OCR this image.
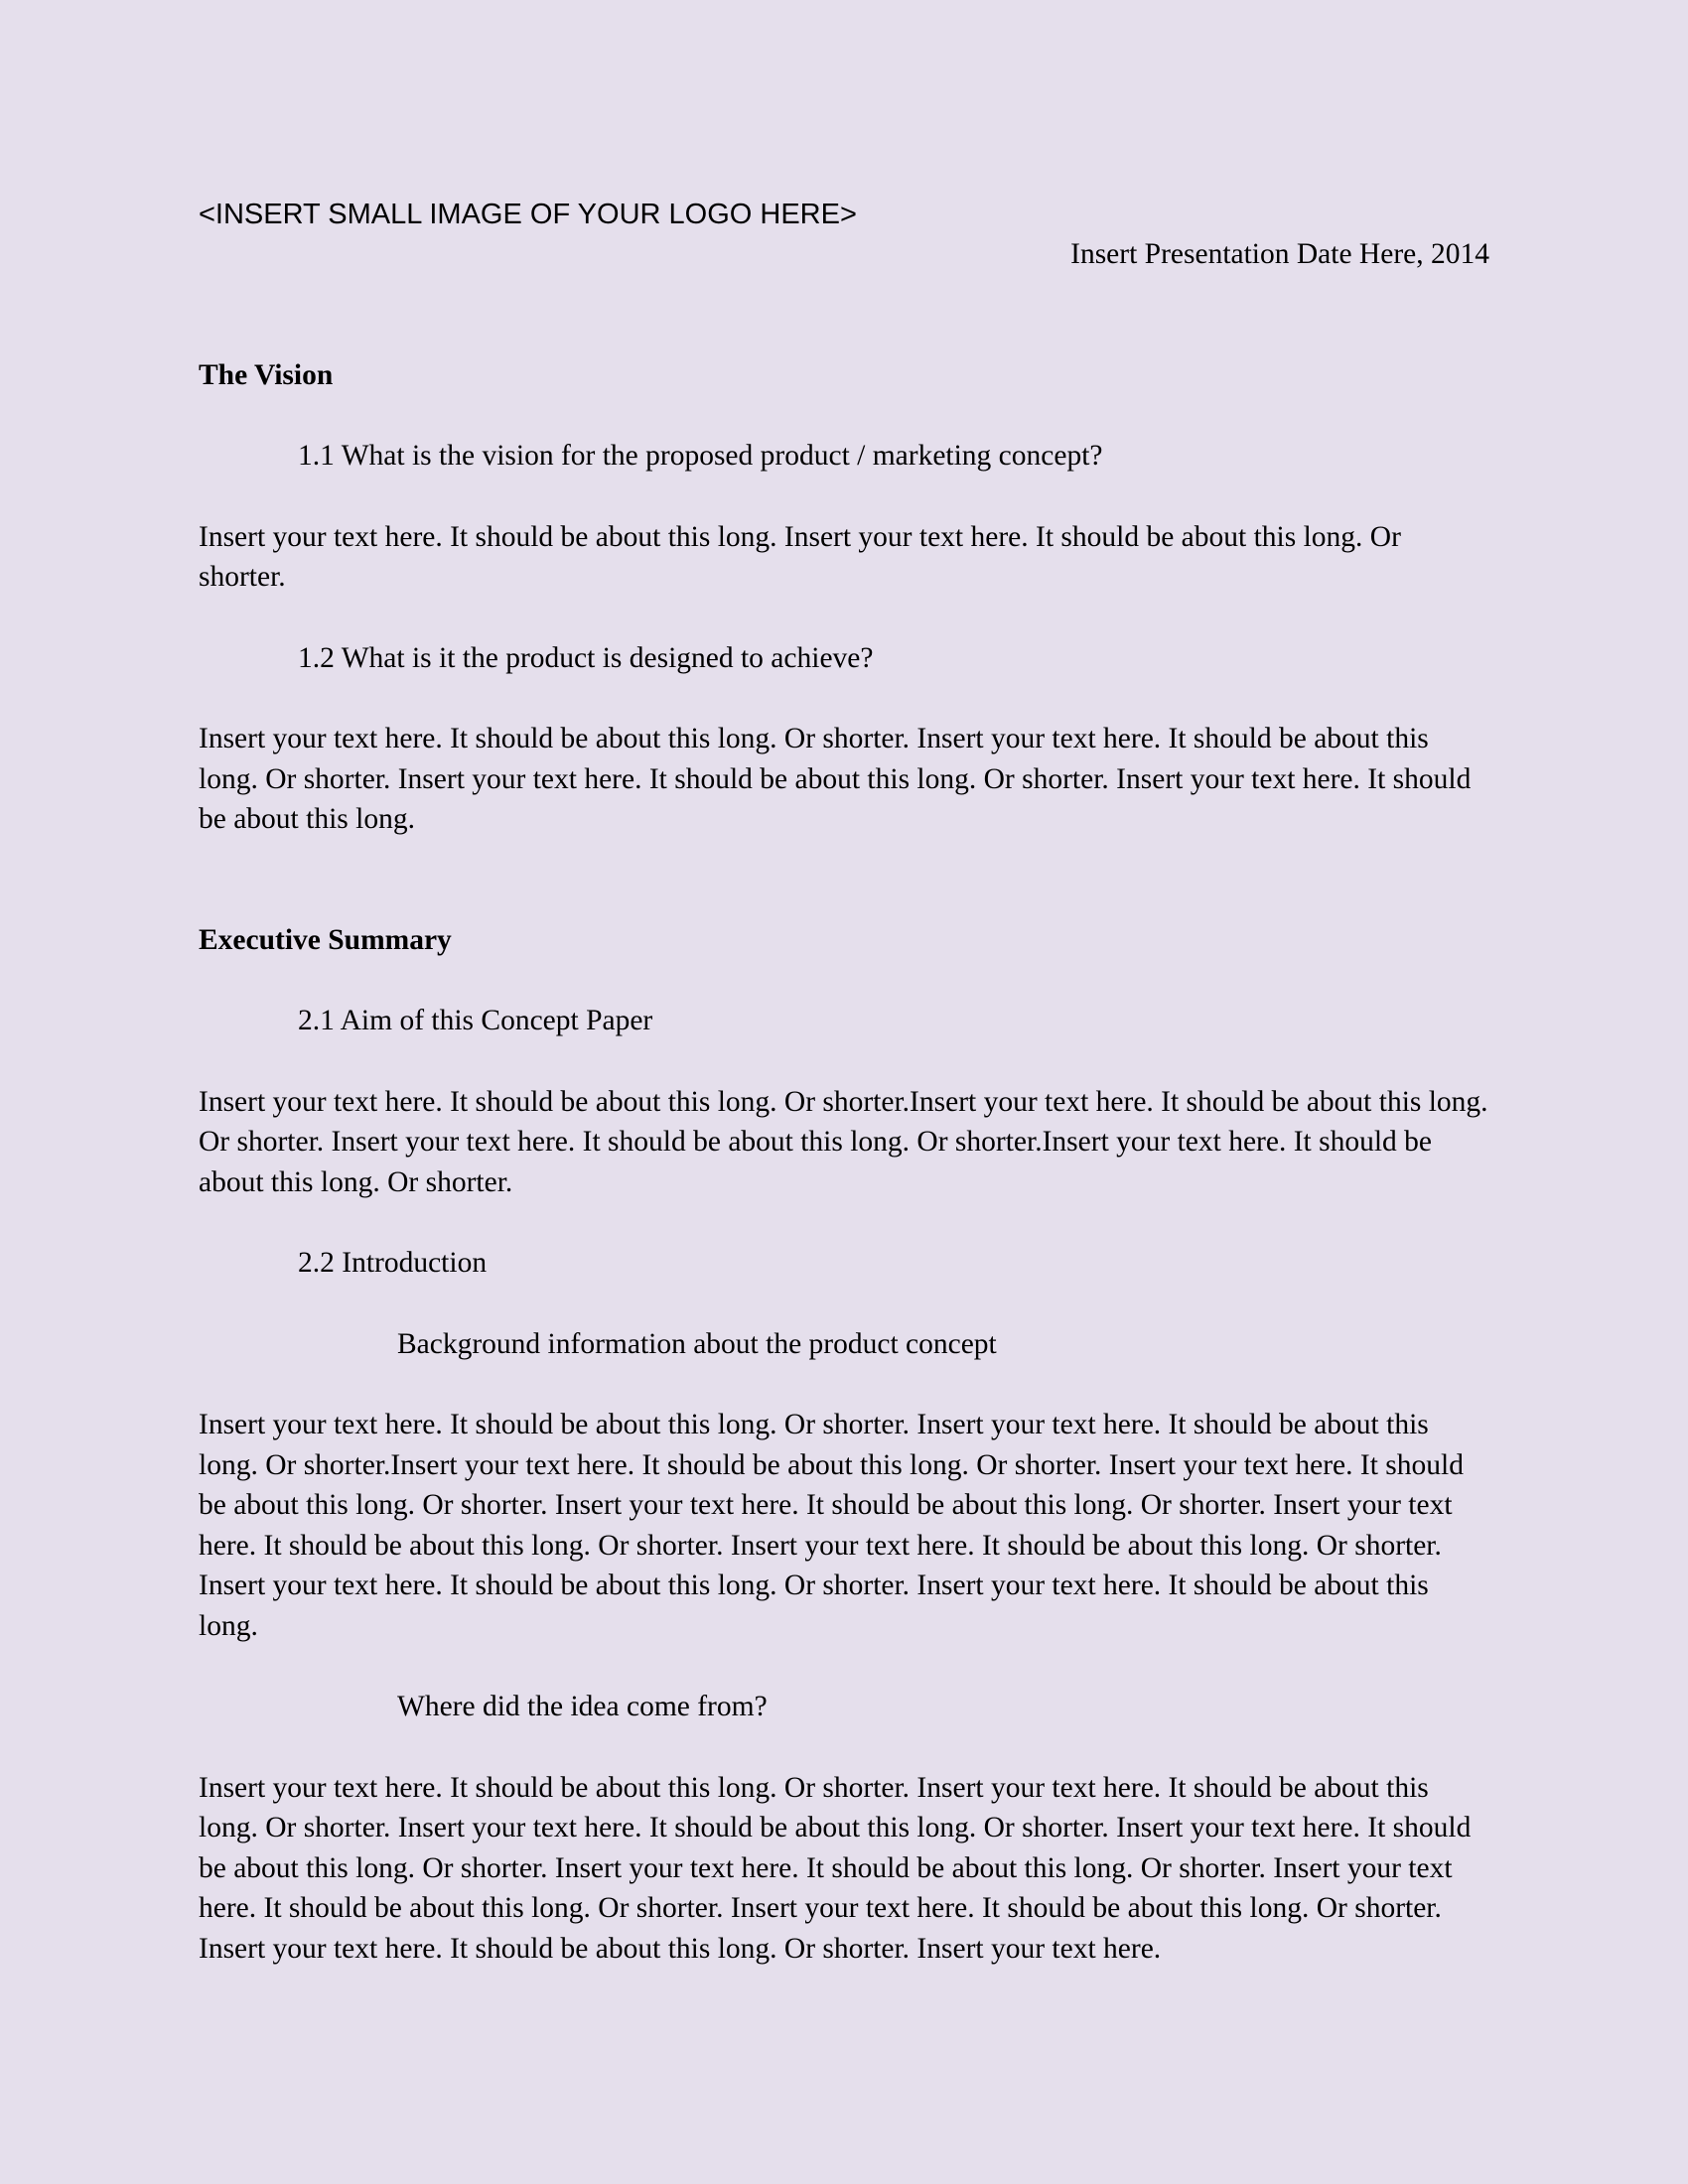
<INSERT SMALL IMAGE OF YOUR LOGO HERE>

Insert Presentation Date Here, 2014

The Vision

1.1 What is the vision for the proposed product / marketing concept?

Insert your text here. It should be about this long. Insert your text here. It should be about this long. Or shorter.

1.2 What is it the product is designed to achieve?

Insert your text here. It should be about this long. Or shorter. Insert your text here. It should be about this long. Or shorter. Insert your text here. It should be about this long. Or shorter. Insert your text here. It should be about this long.

Executive Summary

2.1 Aim of this Concept Paper

Insert your text here. It should be about this long. Or shorter.Insert your text here. It should be about this long. Or shorter. Insert your text here. It should be about this long. Or shorter.Insert your text here. It should be about this long. Or shorter.

2.2 Introduction

Background information about the product concept

Insert your text here. It should be about this long. Or shorter. Insert your text here. It should be about this long. Or shorter.Insert your text here. It should be about this long. Or shorter. Insert your text here. It should be about this long. Or shorter. Insert your text here. It should be about this long. Or shorter. Insert your text here. It should be about this long. Or shorter. Insert your text here. It should be about this long. Or shorter. Insert your text here. It should be about this long. Or shorter. Insert your text here. It should be about this long.

Where did the idea come from?

Insert your text here. It should be about this long. Or shorter. Insert your text here. It should be about this long. Or shorter. Insert your text here. It should be about this long. Or shorter. Insert your text here. It should be about this long. Or shorter. Insert your text here. It should be about this long. Or shorter. Insert your text here. It should be about this long. Or shorter. Insert your text here. It should be about this long. Or shorter. Insert your text here. It should be about this long. Or shorter. Insert your text here.
